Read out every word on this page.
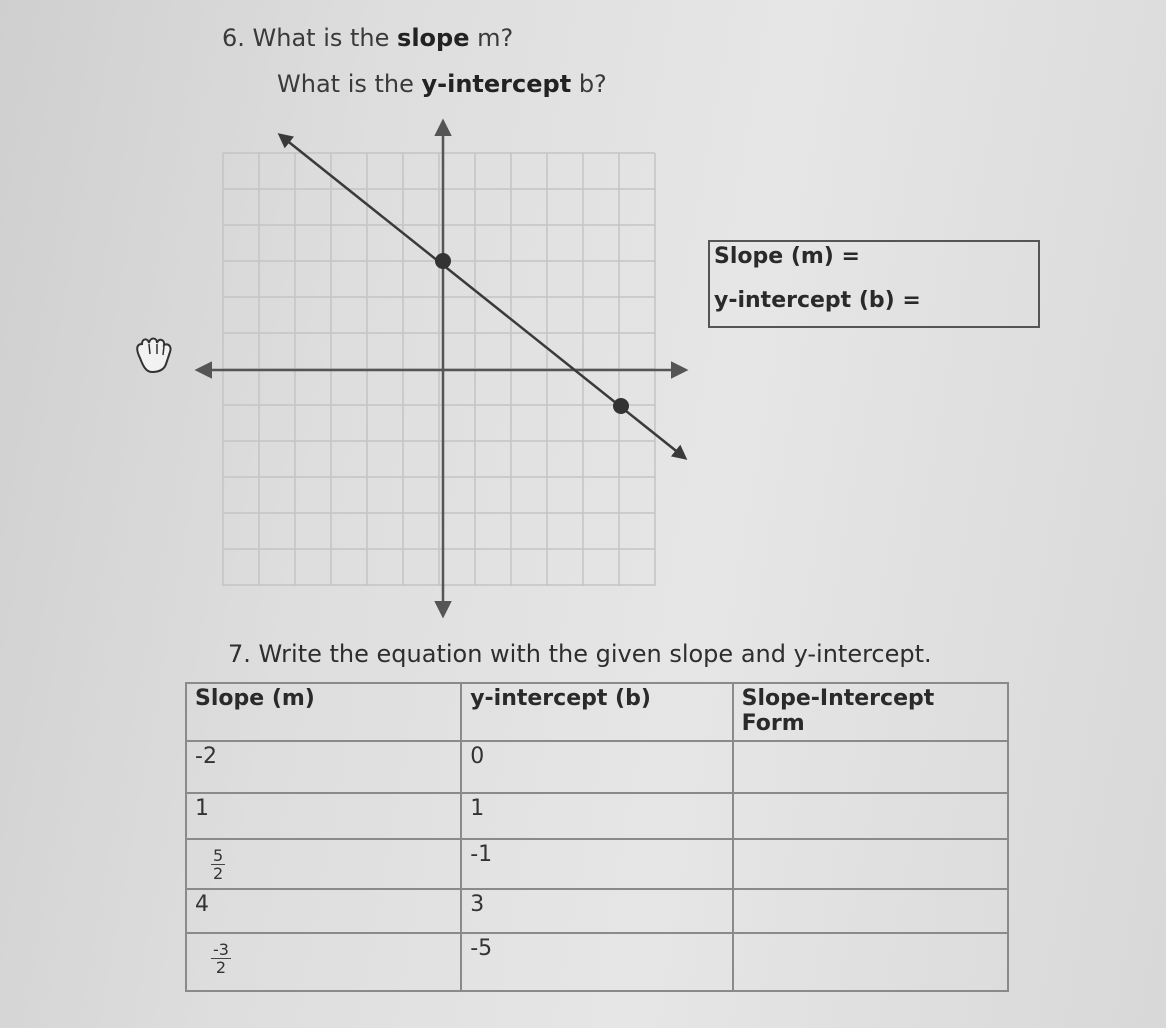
6. What is the slope m?
What is the y-intercept b?
Slope (m) =
y-intercept (b) =
7. Write the equation with the given slope and y-intercept.
Slope (m)	y-intercept (b)	Slope-Intercept Form
-2	0	
1	1	

$\frac{5}{2}$	-1	
4	3	

$\frac{-3}{2}$	-5	
